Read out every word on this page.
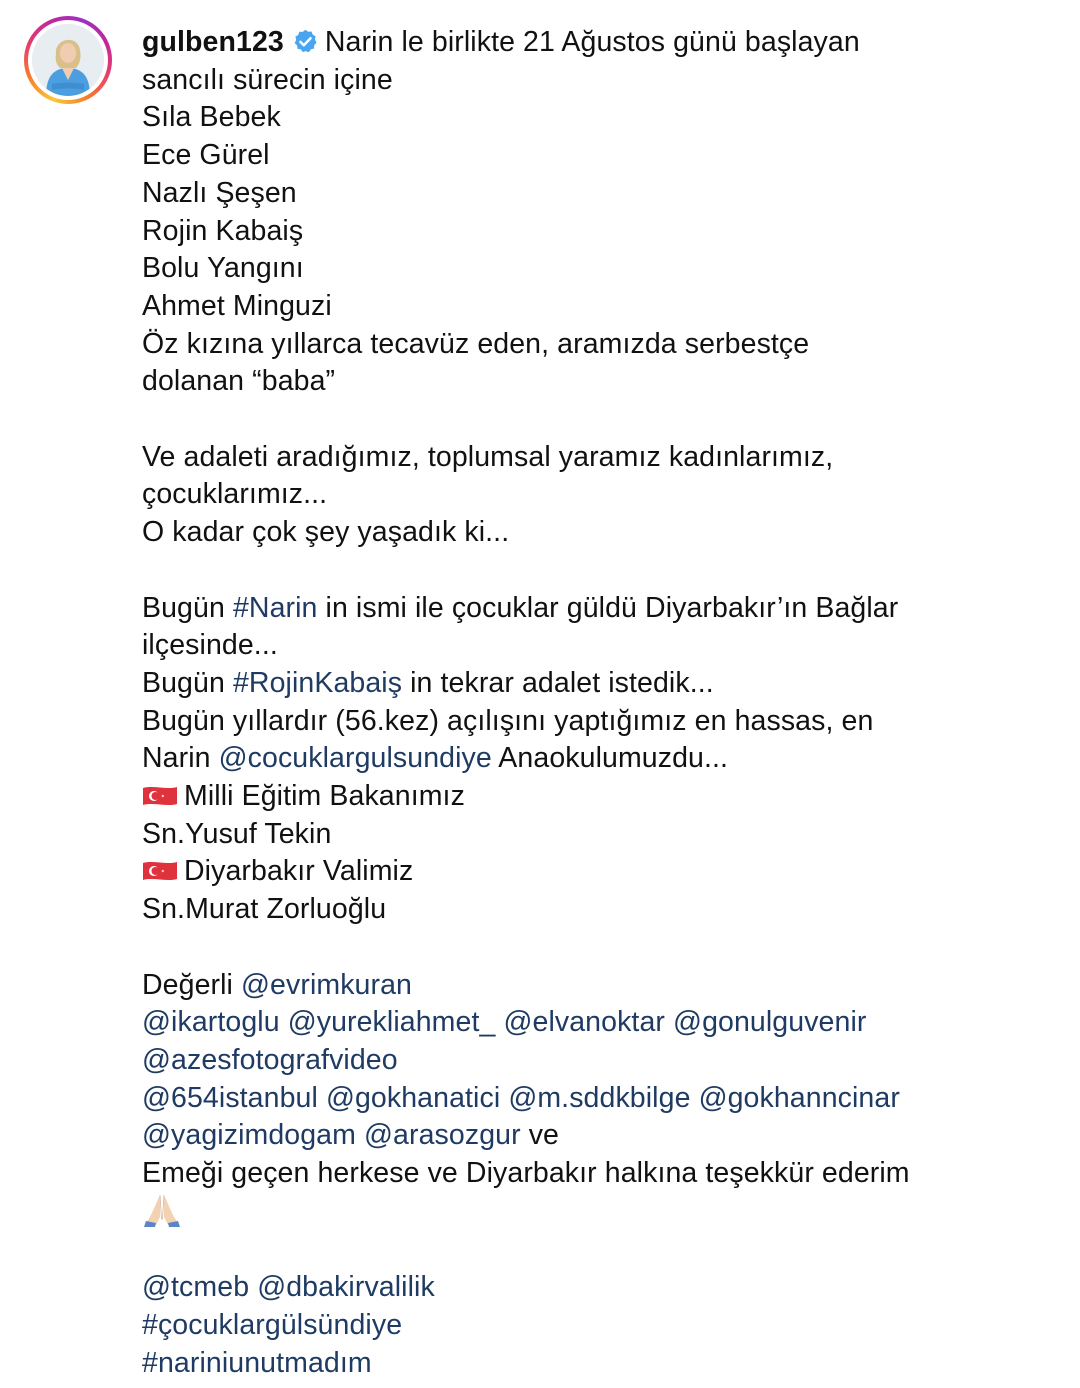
gulben123 Narin le birlikte 21 Ağustos günü başlayan
sancılı sürecin içine
Sıla Bebek
Ece Gürel
Nazlı Şeşen
Rojin Kabaiş
Bolu Yangını
Ahmet Minguzi
Öz kızına yıllarca tecavüz eden, aramızda serbestçe
dolanan “baba”
Ve adaleti aradığımız, toplumsal yaramız kadınlarımız,
çocuklarımız...
O kadar çok şey yaşadık ki...
Bugün #Narin in ismi ile çocuklar güldü Diyarbakır’ın Bağlar
ilçesinde...
Bugün #RojinKabaiş in tekrar adalet istedik...
Bugün yıllardır (56.kez) açılışını yaptığımız en hassas, en
Narin @cocuklargulsundiye Anaokulumuzdu...
Milli Eğitim Bakanımız
Sn.Yusuf Tekin
Diyarbakır Valimiz
Sn.Murat Zorluoğlu
Değerli @evrimkuran
@ikartoglu @yurekliahmet_ @elvanoktar @gonulguvenir
@azesfotografvideo
@654istanbul @gokhanatici @m.sddkbilge @gokhanncinar
@yagizimdogam @arasozgur ve
Emeği geçen herkese ve Diyarbakır halkına teşekkür ederim
@tcmeb @dbakirvalilik
#çocuklargülsündiye
#nariniunutmadım
